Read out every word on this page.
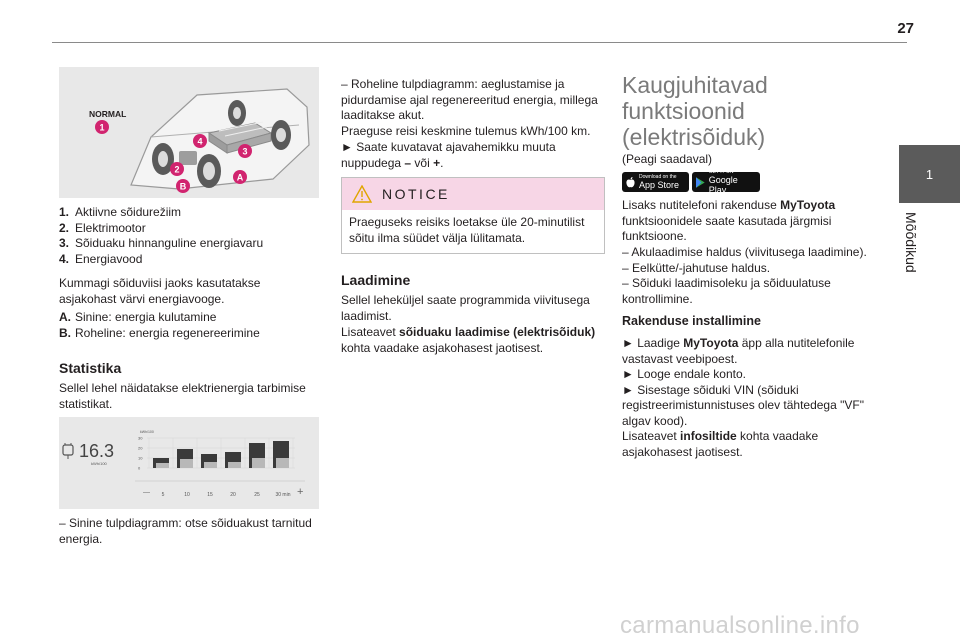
27
1
Mõõdikud
NORMAL
1
4
3
2
A
B
1. Aktiivne sõidurežiim
2. Elektrimootor
3. Sõiduaku hinnanguline energiavaru
4. Energiavood
Kummagi sõiduviisi jaoks kasutatakse asjakohast värvi energiavooge.
A. Sinine: energia kulutamine
B. Roheline: energia regenereerimine
Statistika
Sellel lehel näidatakse elektrienergia tarbimise statistikat.
16.3
kWh/100
kWh/100
30
20
10
0
— 5	10	15	20	25	30 min +
– Sinine tulpdiagramm: otse sõiduakust tarnitud energia.
– Roheline tulpdiagramm: aeglustamise ja pidurdamise ajal regenereeritud energia, millega laaditakse akut.
Praeguse reisi keskmine tulemus kWh/100 km.
► Saate kuvatavat ajavahemikku muuta nuppudega – või +.
NOTICE
Praeguseks reisiks loetakse üle 20-minutilist sõitu ilma süüdet välja lülitamata.
Laadimine
Sellel leheküljel saate programmida viivitusega laadimist.
Lisateavet sõiduaku laadimise (elektrisõiduk) kohta vaadake asjakohasest jaotisest.
Kaugjuhitavad
funktsioonid
(elektrisõiduk)
(Peagi saadaval)
Download on the
App Store
GET IT ON
Google Play
Lisaks nutitelefoni rakenduse MyToyota funktsioonidele saate kasutada järgmisi funktsioone.
– Akulaadimise haldus (viivitusega laadimine).
– Eelkütte/-jahutuse haldus.
– Sõiduki laadimisoleku ja sõiduulatuse kontrollimine.
Rakenduse installimine
► Laadige MyToyota äpp alla nutitelefonile vastavast veebipoest.
► Looge endale konto.
► Sisestage sõiduki VIN (sõiduki registreerimistunnistuses olev tähtedega "VF" algav kood).
Lisateavet infosiltide kohta vaadake asjakohasest jaotisest.
carmanualsonline.info
